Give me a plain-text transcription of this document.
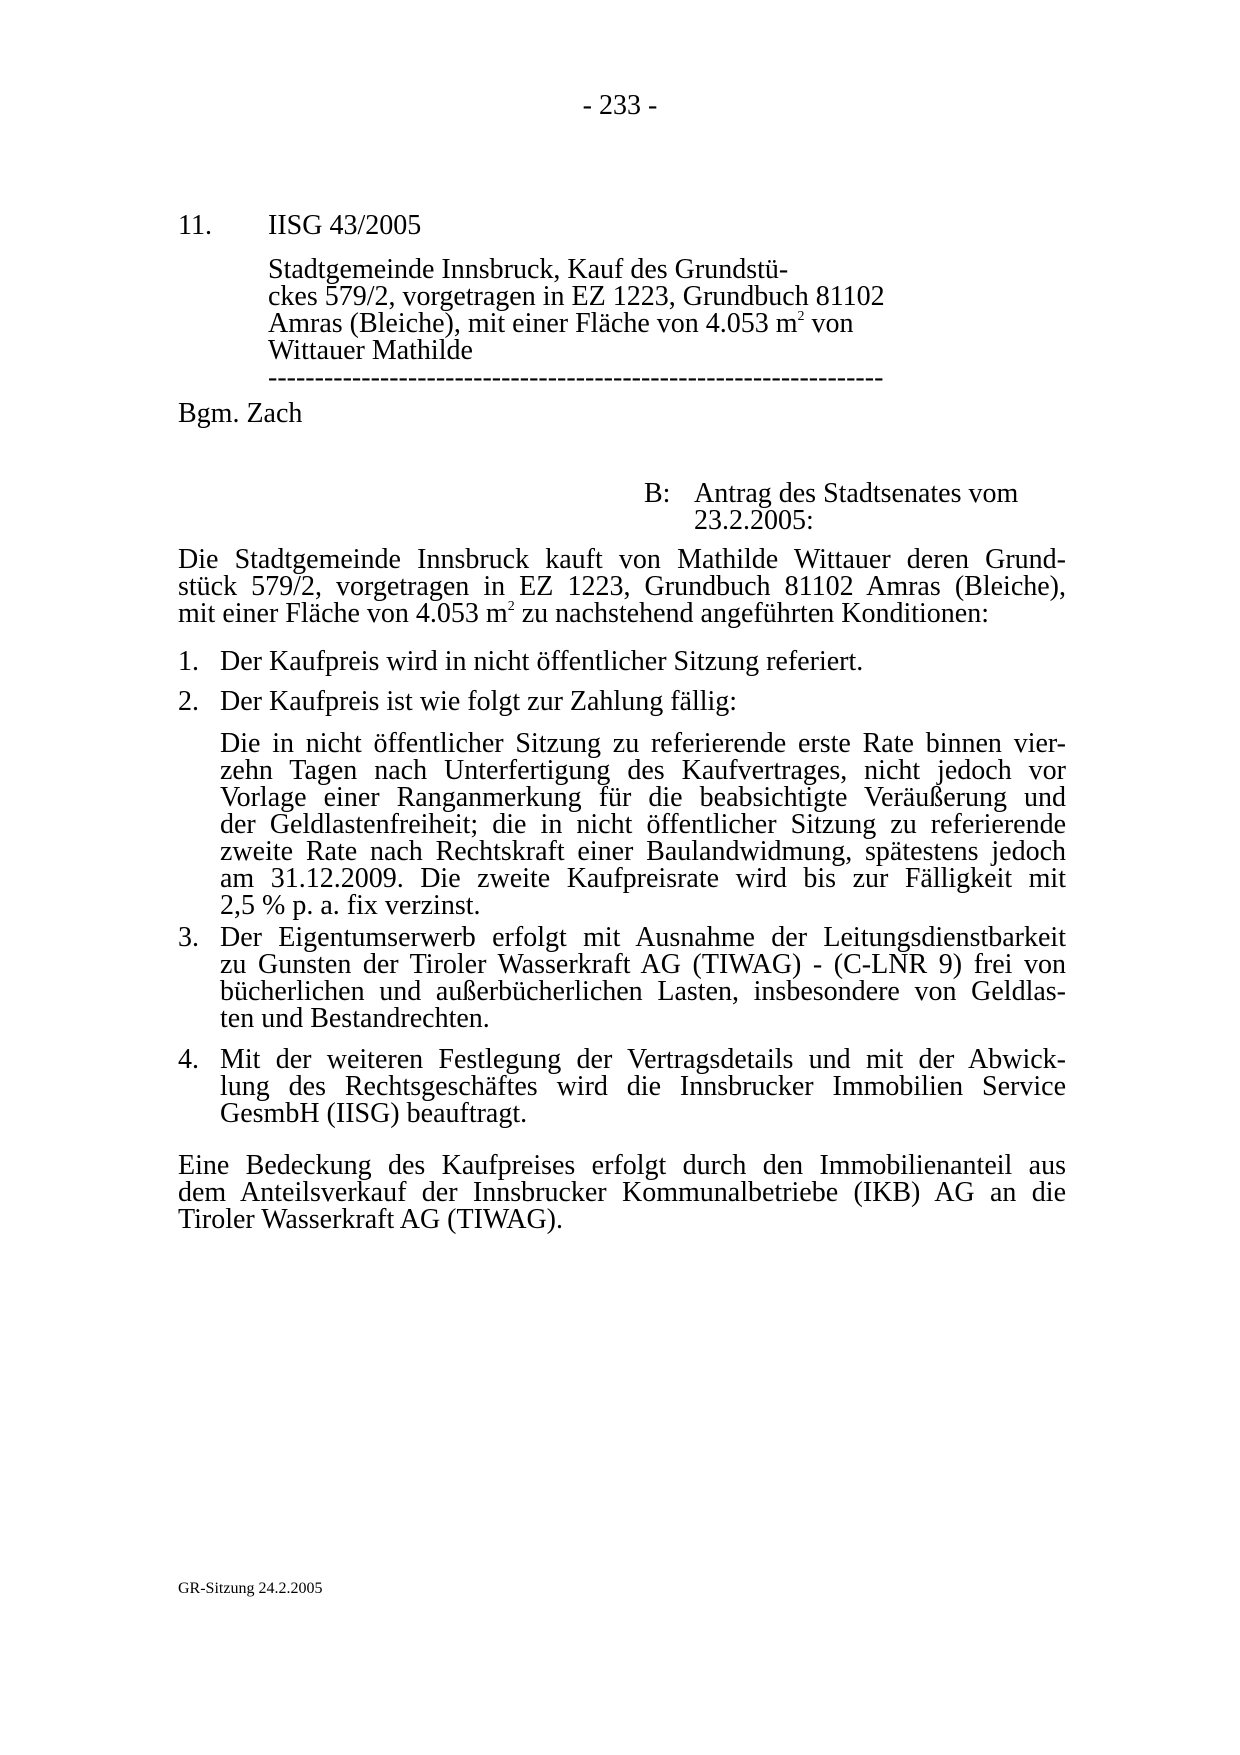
- 233 -
11. IISG 43/2005
Stadtgemeinde Innsbruck, Kauf des Grundstü-
ckes 579/2, vorgetragen in EZ 1223, Grundbuch 81102
Amras (Bleiche), mit einer Fläche von 4.053 $m^2$ von
Wittauer Mathilde
------------------------------------------------------------------
Bgm. Zach
B: Antrag des Stadtsenates vom
23.2.2005:
Die Stadtgemeinde Innsbruck kauft von Mathilde Wittauer deren Grund-
stück 579/2, vorgetragen in EZ 1223, Grundbuch 81102 Amras (Bleiche),
mit einer Fläche von 4.053 $m^2$ zu nachstehend angeführten Konditionen:
1. Der Kaufpreis wird in nicht öffentlicher Sitzung referiert.
2. Der Kaufpreis ist wie folgt zur Zahlung fällig:
Die in nicht öffentlicher Sitzung zu referierende erste Rate binnen vier-
zehn Tagen nach Unterfertigung des Kaufvertrages, nicht jedoch vor
Vorlage einer Ranganmerkung für die beabsichtigte Veräußerung und
der Geldlastenfreiheit; die in nicht öffentlicher Sitzung zu referierende
zweite Rate nach Rechtskraft einer Baulandwidmung, spätestens jedoch
am 31.12.2009. Die zweite Kaufpreisrate wird bis zur Fälligkeit mit
2,5 % p. a. fix verzinst.
3. Der Eigentumserwerb erfolgt mit Ausnahme der Leitungsdienstbarkeit
zu Gunsten der Tiroler Wasserkraft AG (TIWAG) - (C-LNR 9) frei von
bücherlichen und außerbücherlichen Lasten, insbesondere von Geldlas-
ten und Bestandrechten.
4. Mit der weiteren Festlegung der Vertragsdetails und mit der Abwick-
lung des Rechtsgeschäftes wird die Innsbrucker Immobilien Service
GesmbH (IISG) beauftragt.
Eine Bedeckung des Kaufpreises erfolgt durch den Immobilienanteil aus
dem Anteilsverkauf der Innsbrucker Kommunalbetriebe (IKB) AG an die
Tiroler Wasserkraft AG (TIWAG).
GR-Sitzung 24.2.2005
